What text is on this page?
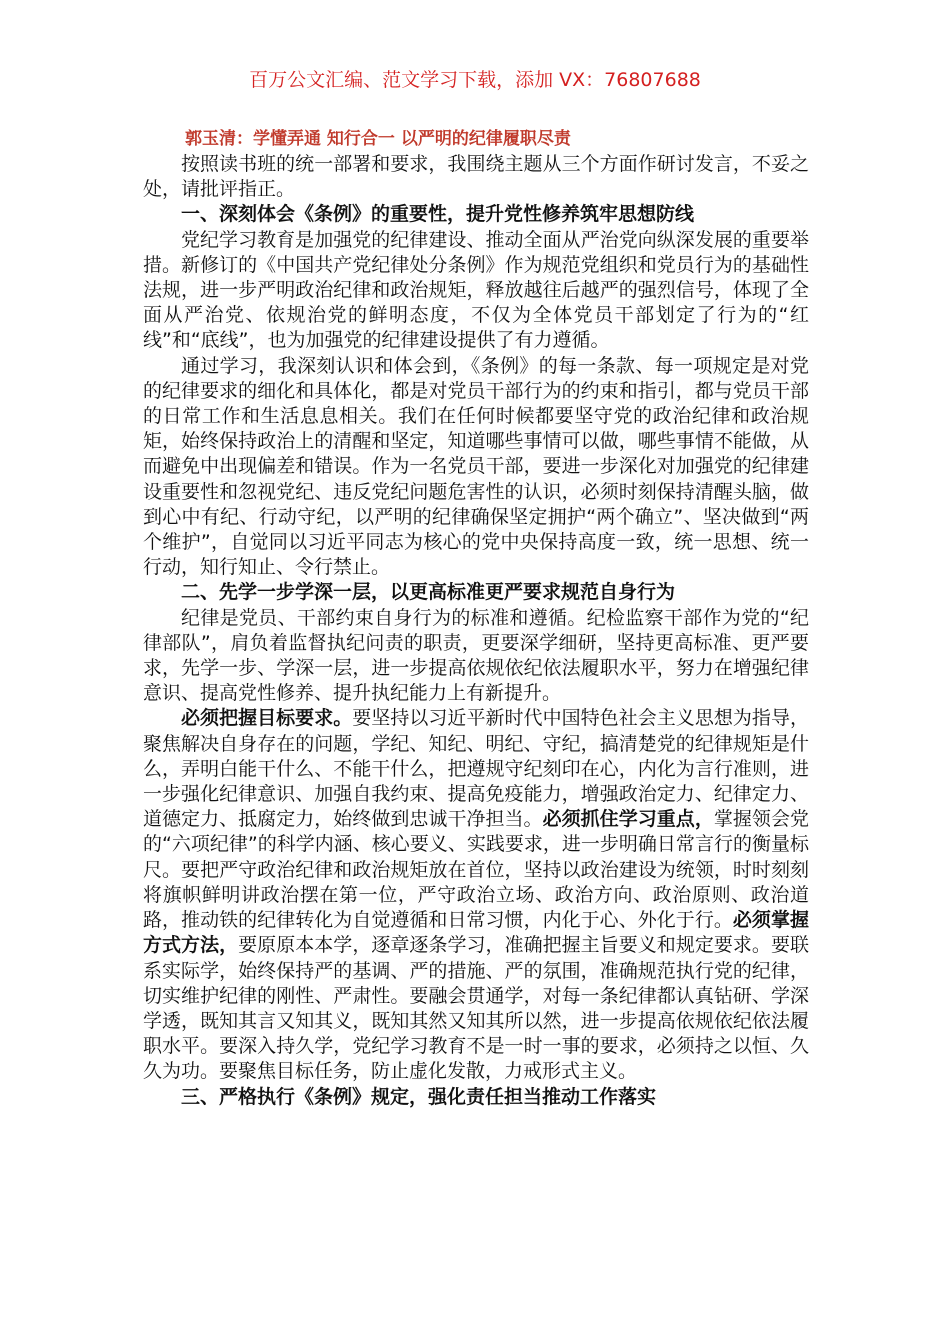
百万公文汇编、范文学习下载，添加 VX：76807688
郭玉清：学懂弄通 知行合一 以严明的纪律履职尽责

按照读书班的统一部署和要求，我围绕主题从三个方面作研讨发言，不妥之处，请批评指正。

一、深刻体会《条例》的重要性，提升党性修养筑牢思想防线

党纪学习教育是加强党的纪律建设、推动全面从严治党向纵深发展的重要举措。新修订的《中国共产党纪律处分条例》作为规范党组织和党员行为的基础性法规，进一步严明政治纪律和政治规矩，释放越往后越严的强烈信号，体现了全面从严治党、依规治党的鲜明态度，不仅为全体党员干部划定了行为的“红线”和“底线”，也为加强党的纪律建设提供了有力遵循。

通过学习，我深刻认识和体会到，《条例》的每一条款、每一项规定是对党的纪律要求的细化和具体化，都是对党员干部行为的约束和指引，都与党员干部的日常工作和生活息息相关。我们在任何时候都要坚守党的政治纪律和政治规矩，始终保持政治上的清醒和坚定，知道哪些事情可以做，哪些事情不能做，从而避免中出现偏差和错误。作为一名党员干部，要进一步深化对加强党的纪律建设重要性和忽视党纪、违反党纪问题危害性的认识，必须时刻保持清醒头脑，做到心中有纪、行动守纪，以严明的纪律确保坚定拥护“两个确立”、坚决做到“两个维护”，自觉同以习近平同志为核心的党中央保持高度一致，统一思想、统一行动，知行知止、令行禁止。

二、先学一步学深一层，以更高标准更严要求规范自身行为

纪律是党员、干部约束自身行为的标准和遵循。纪检监察干部作为党的“纪律部队”，肩负着监督执纪问责的职责，更要深学细研，坚持更高标准、更严要求，先学一步、学深一层，进一步提高依规依纪依法履职水平，努力在增强纪律意识、提高党性修养、提升执纪能力上有新提升。

必须把握目标要求。要坚持以习近平新时代中国特色社会主义思想为指导，聚焦解决自身存在的问题，学纪、知纪、明纪、守纪，搞清楚党的纪律规矩是什么，弄明白能干什么、不能干什么，把遵规守纪刻印在心，内化为言行准则，进一步强化纪律意识、加强自我约束、提高免疫能力，增强政治定力、纪律定力、道德定力、抵腐定力，始终做到忠诚干净担当。必须抓住学习重点，掌握领会党的“六项纪律”的科学内涵、核心要义、实践要求，进一步明确日常言行的衡量标尺。要把严守政治纪律和政治规矩放在首位，坚持以政治建设为统领，时时刻刻将旗帜鲜明讲政治摆在第一位，严守政治立场、政治方向、政治原则、政治道路，推动铁的纪律转化为自觉遵循和日常习惯，内化于心、外化于行。必须掌握方式方法，要原原本本学，逐章逐条学习，准确把握主旨要义和规定要求。要联系实际学，始终保持严的基调、严的措施、严的氛围，准确规范执行党的纪律，切实维护纪律的刚性、严肃性。要融会贯通学，对每一条纪律都认真钻研、学深学透，既知其言又知其义，既知其然又知其所以然，进一步提高依规依纪依法履职水平。要深入持久学，党纪学习教育不是一时一事的要求，必须持之以恒、久久为功。要聚焦目标任务，防止虚化发散，力戒形式主义。

三、严格执行《条例》规定，强化责任担当推动工作落实
